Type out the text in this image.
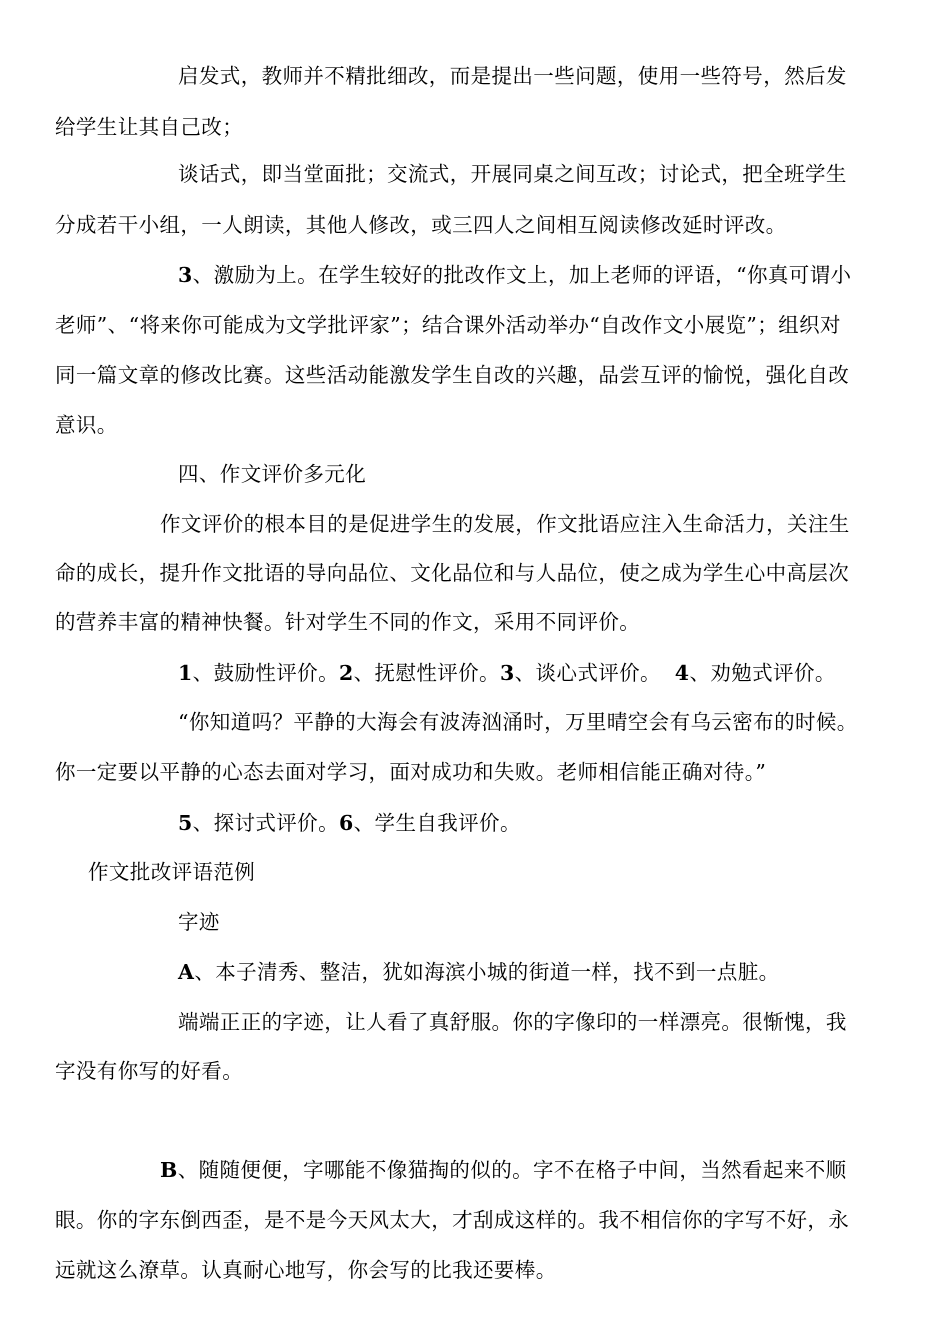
启发式，教师并不精批细改，而是提出一些问题，使用一些符号，然后发
给学生让其自己改；
谈话式，即当堂面批；交流式，开展同桌之间互改；讨论式，把全班学生
分成若干小组，一人朗读，其他人修改，或三四人之间相互阅读修改延时评改。
3、激励为上。在学生较好的批改作文上，加上老师的评语，“你真可谓小
老师”、“将来你可能成为文学批评家”；结合课外活动举办“自改作文小展览”；组织对
同一篇文章的修改比赛。这些活动能激发学生自改的兴趣，品尝互评的愉悦，强化自改
意识。
四、作文评价多元化
作文评价的根本目的是促进学生的发展，作文批语应注入生命活力，关注生
命的成长，提升作文批语的导向品位、文化品位和与人品位，使之成为学生心中高层次
的营养丰富的精神快餐。针对学生不同的作文，采用不同评价。
1、鼓励性评价。2、抚慰性评价。3、谈心式评价。  4、劝勉式评价。
“你知道吗？平静的大海会有波涛汹涌时，万里晴空会有乌云密布的时候。
你一定要以平静的心态去面对学习，面对成功和失败。老师相信能正确对待。”
5、探讨式评价。6、学生自我评价。
作文批改评语范例
字迹
A、本子清秀、整洁，犹如海滨小城的街道一样，找不到一点脏。
端端正正的字迹，让人看了真舒服。你的字像印的一样漂亮。很惭愧，我
字没有你写的好看。
B、随随便便，字哪能不像猫掏的似的。字不在格子中间，当然看起来不顺
眼。你的字东倒西歪，是不是今天风太大，才刮成这样的。我不相信你的字写不好，永
远就这么潦草。认真耐心地写，你会写的比我还要棒。
